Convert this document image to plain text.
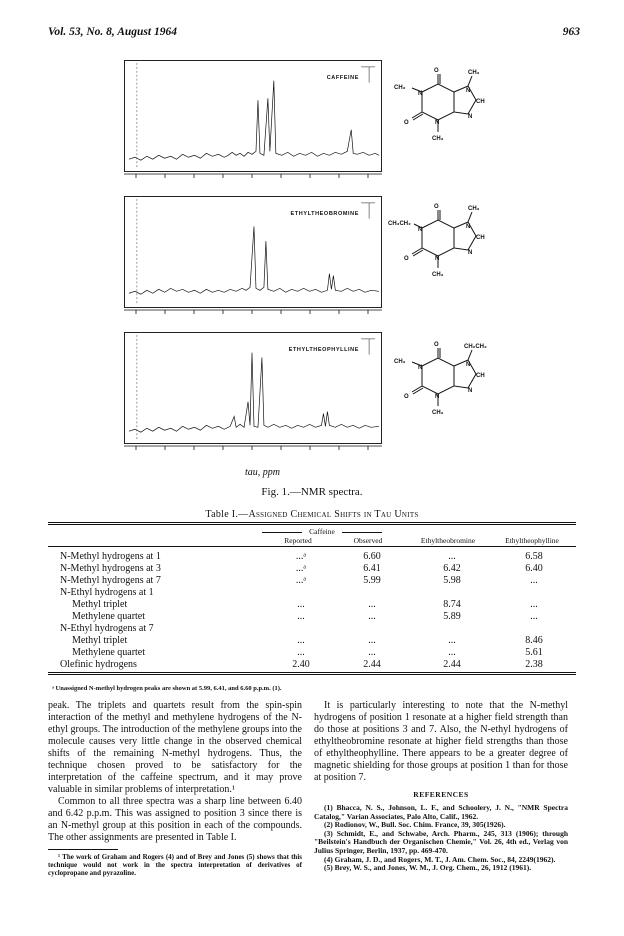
Vol. 53, No. 8, August 1964	963
CAFFEINE
O	CH₃
CH₃
N	N
CH
O	N
N
CH₃
ETHYLTHEOBROMINE
O	CH₃
CH₃CH₂
N	N
CH
O	N
N
CH₃
ETHYLTHEOPHYLLINE
O	CH₂CH₃
CH₃
N	N
CH
O	N
N
CH₃
tau, ppm
Fig. 1.—NMR spectra.
Table I.—Assigned Chemical Shifts in Tau Units
Caffeine
Reported	Observed	Ethyltheobromine	Ethyltheophylline
N-Methyl hydrogens at 1	...ᵃ	6.60	...	6.58
N-Methyl hydrogens at 3	...ᵃ	6.41	6.42	6.40
N-Methyl hydrogens at 7	...ᵃ	5.99	5.98	...
N-Ethyl hydrogens at 1
Methyl triplet	...	...	8.74	...
Methylene quartet	...	...	5.89	...
N-Ethyl hydrogens at 7
Methyl triplet	...	...	...	8.46
Methylene quartet	...	...	...	5.61
Olefinic hydrogens	2.40	2.44	2.44	2.38
ᵃ Unassigned N-methyl hydrogen peaks are shown at 5.99, 6.41, and 6.60 p.p.m. (1).

peak. The triplets and quartets result from the spin-spin interaction of the methyl and methylene hydrogens of the N-ethyl groups. The introduction of the methylene groups into the molecule causes very little change in the observed chemical shifts of the remaining N-methyl hydrogens. Thus, the technique chosen proved to be satisfactory for the interpretation of the caffeine spectrum, and it may prove valuable in similar problems of interpretation.¹

Common to all three spectra was a sharp line between 6.40 and 6.42 p.p.m. This was assigned to position 3 since there is an N-methyl group at this position in each of the compounds. The other assignments are presented in Table I.

¹ The work of Graham and Rogers (4) and of Brey and Jones (5) shows that this technique would not work in the spectra interpretation of derivatives of cyclopropane and pyrazoline.

It is particularly interesting to note that the N-methyl hydrogens of position 1 resonate at a higher field strength than do those at positions 3 and 7. Also, the N-ethyl hydrogens of ethyltheobromine resonate at higher field strengths than those of ethyltheophylline. There appears to be a greater degree of magnetic shielding for those groups at position 1 than for those at position 7.

REFERENCES

(1) Bhacca, N. S., Johnson, L. F., and Schoolery, J. N., "NMR Spectra Catalog," Varian Associates, Palo Alto, Calif., 1962.

(2) Rodionov, W., Bull. Soc. Chim. France, 39, 305(1926).

(3) Schmidt, E., and Schwabe, Arch. Pharm., 245, 313 (1906); through "Beilstein's Handbuch der Organischen Chemie," Vol. 26, 4th ed., Verlag von Julius Springer, Berlin, 1937, pp. 469-470.

(4) Graham, J. D., and Rogers, M. T., J. Am. Chem. Soc., 84, 2249(1962).

(5) Brey, W. S., and Jones, W. M., J. Org. Chem., 26, 1912 (1961).
